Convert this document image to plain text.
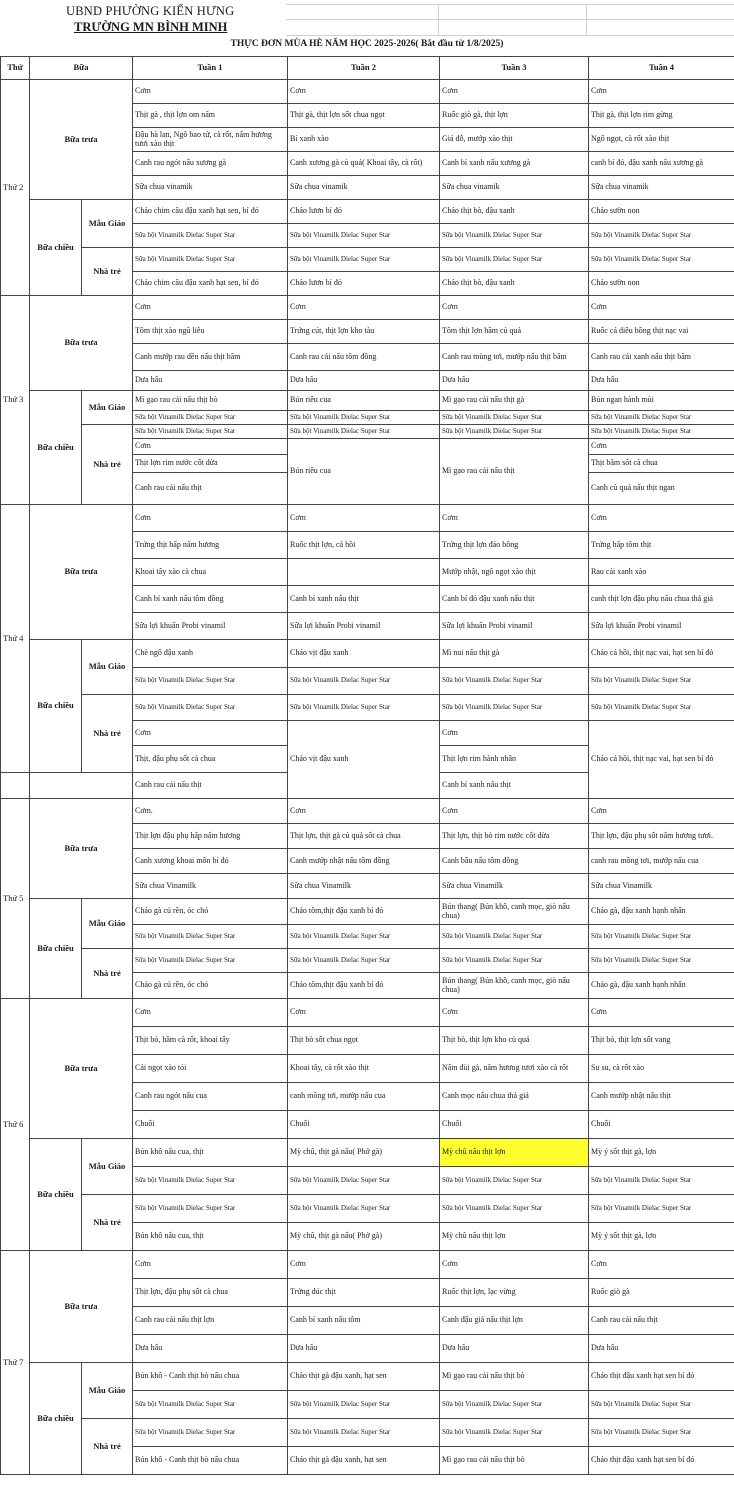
UBND PHƯỜNG KIẾN HƯNG
TRƯỜNG MN BÌNH MINH
THỰC ĐƠN MÙA HÈ NĂM HỌC 2025-2026( Bắt đầu từ 1/8/2025)
Thứ	Bữa		Tuần 1	Tuần 2	Tuần 3	Tuần 4
Thứ 2	Bữa trưa		Cơm	Cơm	Cơm	Cơm
			Thịt gà , thịt lợn om nấm	Thịt gà, thịt lợn sốt chua ngọt	Ruốc giò gà, thịt lợn	Thịt gà, thịt lợn rim gừng
			Đậu hà lan, Ngô bao tử, cà rốt, nấm hương tươi xào thịt	Bí xanh xào	Giá đỗ, mướp xào thịt	Ngô ngọt, cà rốt xào thịt
			Canh rau ngót nấu xương gà	Canh xương gà củ quả( Khoai tây, cà rốt)	Canh bí xanh nấu xương gà	canh bí đỏ, đậu xanh nấu xương gà
			Sữa chua vinamik	Sữa chua vinamik	Sữa chua vinamik	Sữa chua vinamik
	Bữa chiều	Mẫu Giáo	Cháo chim câu đậu xanh hạt sen, bí đỏ	Cháo lươn bí đỏ	Cháo thịt bò, đậu xanh	Cháo sườn non
			Sữa bột Vinamilk Dielac Super Star	Sữa bột Vinamilk Dielac Super Star	Sữa bột Vinamilk Dielac Super Star	Sữa bột Vinamilk Dielac Super Star
		Nhà trẻ	Sữa bột Vinamilk Dielac Super Star	Sữa bột Vinamilk Dielac Super Star	Sữa bột Vinamilk Dielac Super Star	Sữa bột Vinamilk Dielac Super Star
			Cháo chim câu đậu xanh hạt sen, bí đỏ	Cháo lươn bí đỏ	Cháo thịt bò, đậu xanh	Cháo sườn non
Thứ 3	Bữa trưa		Cơm	Cơm	Cơm	Cơm
			Tôm thịt xào ngũ liễu	Trứng cút, thịt lợn kho tàu	Tôm thịt lợn hầm củ quả	Ruốc cá diêu hồng thịt nạc vai
			Canh mướp rau dền nấu thịt băm	Canh rau cải nấu tôm đồng	Canh rau mùng tơi, mướp nấu thịt băm	Canh rau cải xanh nấu thịt băm
			Dưa hấu	Dưa hấu	Dưa hấu	Dưa hấu
	Bữa chiều	Mẫu Giáo	Mì gạo rau cải nấu thịt bò	Bún riêu cua	Mì gạo rau cải nấu thịt gà	Bún ngan hành mùi
			Sữa bột Vinamilk Dielac Super Star	Sữa bột Vinamilk Dielac Super Star	Sữa bột Vinamilk Dielac Super Star	Sữa bột Vinamilk Dielac Super Star
		Nhà trẻ	Sữa bột Vinamilk Dielac Super Star	Sữa bột Vinamilk Dielac Super Star	Sữa bột Vinamilk Dielac Super Star	Sữa bột Vinamilk Dielac Super Star
			Cơm	Bún riêu cua	Mì gạo rau cải nấu thịt	Cơm
			Thịt lợn rim nước cốt dừa			Thịt băm sốt cà chua
			Canh rau cải nấu thịt			Canh củ quả nấu thịt ngan
Thứ 4	Bữa trưa		Cơm	Cơm	Cơm	Cơm
			Trứng thịt hấp nấm hương	Ruốc thịt lợn, cá hồi	Trứng thịt lợn đảo bông	Trứng hấp tôm thịt
			Khoai tây xào cà chua		Mướp nhật, ngô ngọt xào thịt	Rau cải xanh xào
			Canh bí xanh nấu tôm đồng	Canh bí xanh nấu thịt	Canh bí đỏ đậu xanh nấu thịt	canh thịt lợn đậu phụ nấu chua thả giá
			Sữa lợi khuẩn Probi vinamil	Sữa lợi khuẩn Probi vinamil	Sữa lợi khuẩn Probi vinamil	Sữa lợi khuẩn Probi vinamil
	Bữa chiều	Mẫu Giáo	Chè ngô đậu xanh	Cháo vịt đậu xanh	Mì nui nấu thịt gà	Cháo cá hồi, thịt nạc vai, hạt sen bí đỏ
			Sữa bột Vinamilk Dielac Super Star	Sữa bột Vinamilk Dielac Super Star	Sữa bột Vinamilk Dielac Super Star	Sữa bột Vinamilk Dielac Super Star
		Nhà trẻ	Sữa bột Vinamilk Dielac Super Star	Sữa bột Vinamilk Dielac Super Star	Sữa bột Vinamilk Dielac Super Star	Sữa bột Vinamilk Dielac Super Star
			Cơm	Cháo vịt đậu xanh	Cơm	Cháo cá hồi, thịt nạc vai, hạt sen bí đỏ
			Thịt, đậu phụ sốt cà chua		Thịt lợn rim hành nhân	
			Canh rau cải nấu thịt		Canh bí xanh nấu thịt	
Thứ 5	Bữa trưa		Cơm.	Cơm	Cơm	Cơm
			Thịt lợn đậu phụ hấp nấm hương	Thịt lợn, thịt gà củ quả sốt cà chua	Thịt lợn, thịt bò rim nước cốt dừa	Thịt lợn, đậu phụ sốt nấm hương tươi.
			Canh xương khoai môn bí đỏ	Canh mướp nhật nấu tôm đồng	Canh bầu nấu tôm đồng	canh rau mồng tơi, mướp nấu cua
			Sữa chua Vinamilk	Sữa chua Vinamilk	Sữa chua Vinamilk	Sữa chua Vinamilk
	Bữa chiều	Mẫu Giáo	Cháo gà củ rền, óc chó	Cháo tôm,thịt đậu xanh bí đỏ	Bún thang( Bún khô, canh mọc, giò nấu chua)	Cháo gà, đậu xanh hạnh nhân
			Sữa bột Vinamilk Dielac Super Star	Sữa bột Vinamilk Dielac Super Star	Sữa bột Vinamilk Dielac Super Star	Sữa bột Vinamilk Dielac Super Star
		Nhà trẻ	Sữa bột Vinamilk Dielac Super Star	Sữa bột Vinamilk Dielac Super Star	Sữa bột Vinamilk Dielac Super Star	Sữa bột Vinamilk Dielac Super Star
			Cháo gà củ rền, óc chó	Cháo tôm,thịt đậu xanh bí đỏ	Bún thang( Bún khô, canh mọc, giò nấu chua)	Cháo gà, đậu xanh hạnh nhân
Thứ 6	Bữa trưa		Cơm	Cơm	Cơm	Cơm
			Thịt bò, hầm cà rốt, khoai tây	Thịt bò sốt chua ngọt	Thịt bò, thịt lợn kho củ quả	Thịt bò, thịt lợn sốt vang
			Cải ngọt xào tỏi	Khoai tây, cà rốt xào thịt	Nấm đùi gà, nấm hương tươi xào cà rốt	Su su, cà rốt xào
			Canh rau ngót nấu cua	canh mồng tơi, mướp nấu cua	Canh mọc nấu chua thả giá	Canh mướp nhật nấu thịt
			Chuối	Chuối	Chuối	Chuối
	Bữa chiều	Mẫu Giáo	Bún khô nấu cua, thịt	Mỳ chũ, thịt gà nấu( Phở gà)	Mỳ chũ nấu thịt lợn	Mỳ ý sốt thịt gà, lợn
			Sữa bột Vinamilk Dielac Super Star	Sữa bột Vinamilk Dielac Super Star	Sữa bột Vinamilk Dielac Super Star	Sữa bột Vinamilk Dielac Super Star
		Nhà trẻ	Sữa bột Vinamilk Dielac Super Star	Sữa bột Vinamilk Dielac Super Star	Sữa bột Vinamilk Dielac Super Star	Sữa bột Vinamilk Dielac Super Star
			Bún khô nấu cua, thịt	Mỳ chũ, thịt gà nấu( Phở gà)	Mỳ chũ nấu thịt lợn	Mỳ ý sốt thịt gà, lợn
Thứ 7	Bữa trưa		Cơm	Cơm	Cơm	Cơm
			Thịt lợn, đậu phụ sốt cà chua	Trứng đúc thịt	Ruốc thịt lợn, lạc vừng	Ruốc giò gà
			Canh rau cải nấu thịt lợn	Canh bí xanh nấu tôm	Canh đậu giá nấu thịt lợn	Canh rau cải nấu thịt
			Dưa hấu	Dưa hấu	Dưa hấu	Dưa hấu
	Bữa chiều	Mẫu Giáo	Bún khô - Canh thịt bò nấu chua	Cháo thịt gà đậu xanh, hạt sen	Mì gạo rau cải nấu thịt bò	Cháo thịt đậu xanh hạt sen bí đỏ
			Sữa bột Vinamilk Dielac Super Star	Sữa bột Vinamilk Dielac Super Star	Sữa bột Vinamilk Dielac Super Star	Sữa bột Vinamilk Dielac Super Star
		Nhà trẻ	Sữa bột Vinamilk Dielac Super Star	Sữa bột Vinamilk Dielac Super Star	Sữa bột Vinamilk Dielac Super Star	Sữa bột Vinamilk Dielac Super Star
			Bún khô - Canh thịt bò nấu chua	Cháo thịt gà đậu xanh, hạt sen	Mì gạo rau cải nấu thịt bò	Cháo thịt đậu xanh hạt sen bí đỏ
